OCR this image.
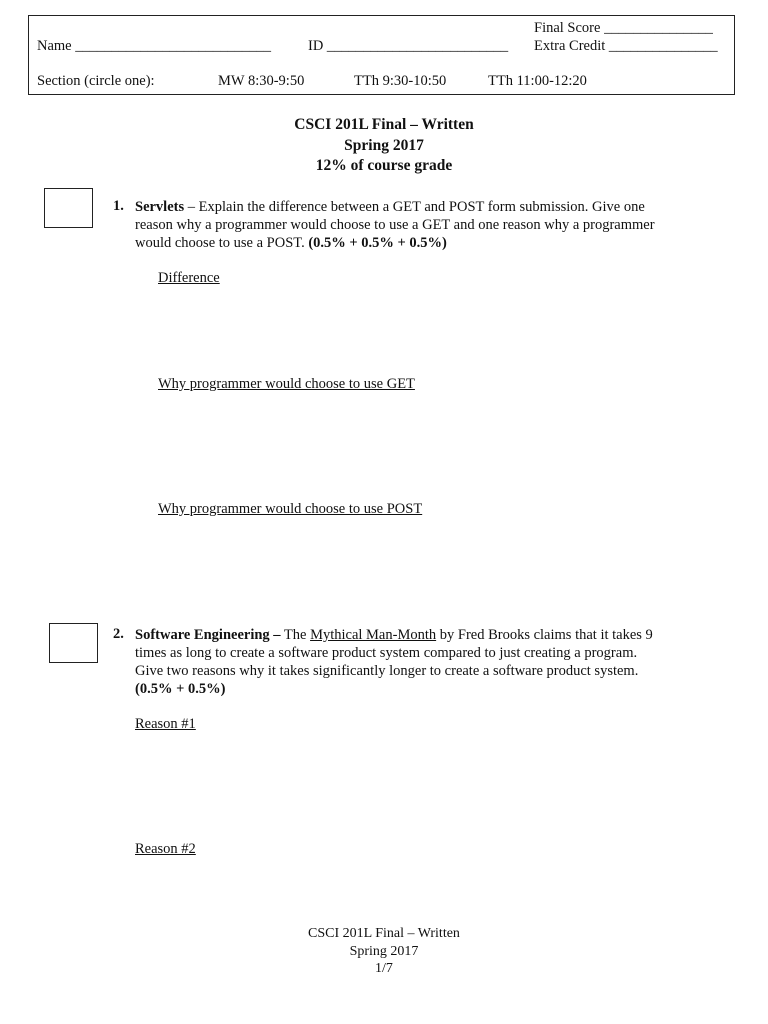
Final Score _______________
Name ___________________________	ID _________________________ Extra Credit _______________
Section (circle one):	MW 8:30-9:50	TTh 9:30-10:50	TTh 11:00-12:20
CSCI 201L Final – Written
Spring 2017
12% of course grade
1. Servlets – Explain the difference between a GET and POST form submission. Give one reason why a programmer would choose to use a GET and one reason why a programmer would choose to use a POST. (0.5% + 0.5% + 0.5%)
Difference
Why programmer would choose to use GET
Why programmer would choose to use POST
2. Software Engineering – The Mythical Man-Month by Fred Brooks claims that it takes 9 times as long to create a software product system compared to just creating a program. Give two reasons why it takes significantly longer to create a software product system. (0.5% + 0.5%)
Reason #1
Reason #2
CSCI 201L Final – Written
Spring 2017
1/7
